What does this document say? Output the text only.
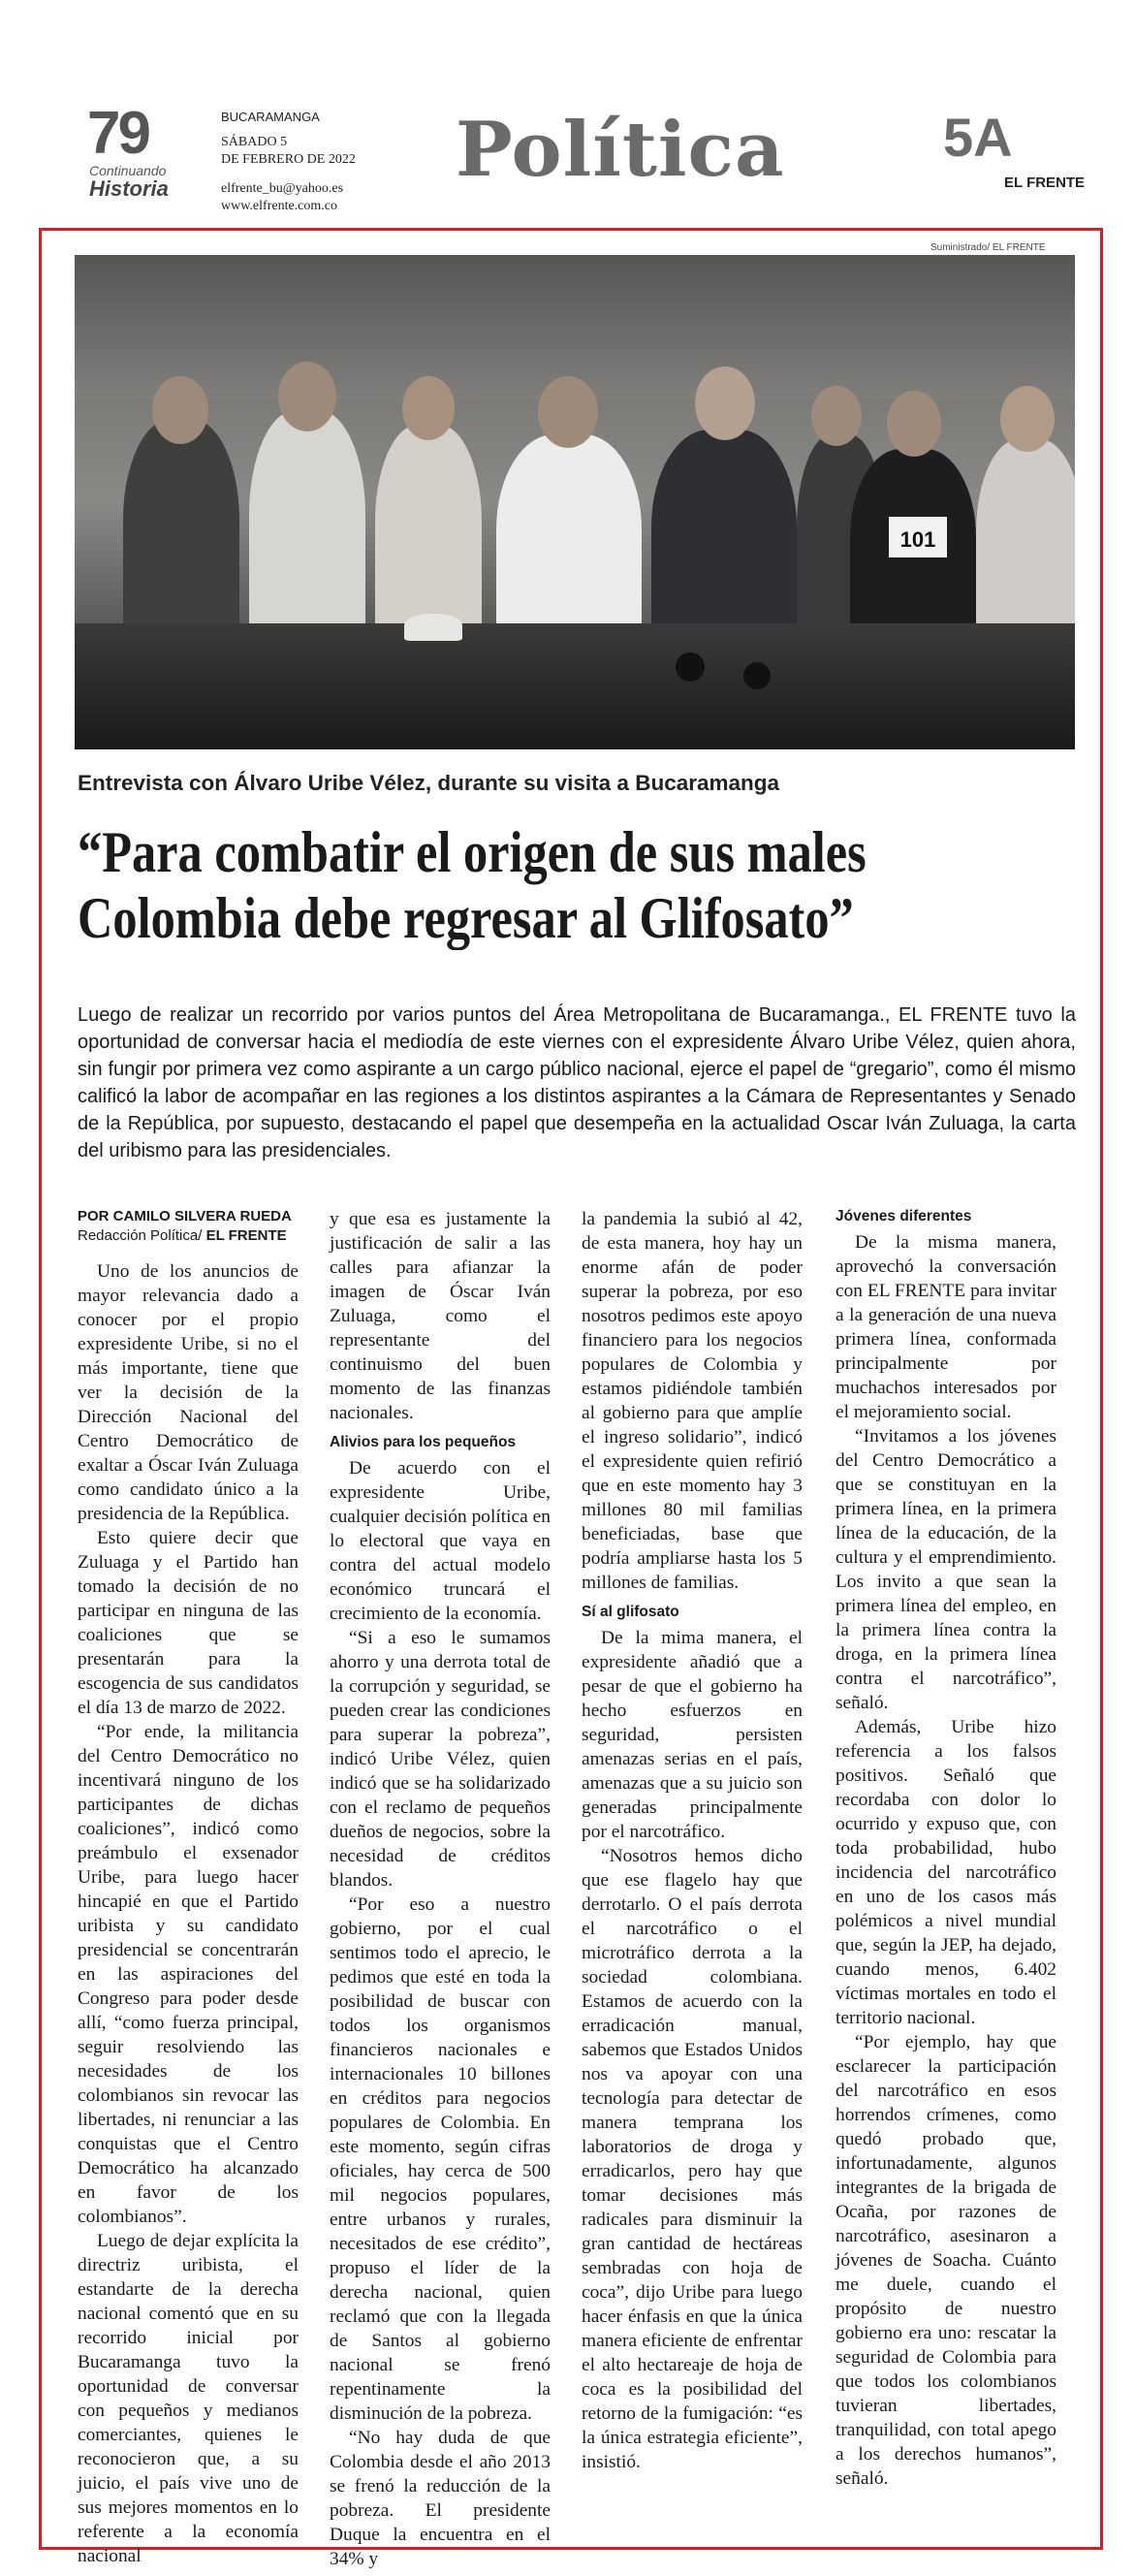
79
Continuando
Historia
BUCARAMANGA
SÁBADO 5
DE FEBRERO DE 2022
elfrente_bu@yahoo.es
www.elfrente.com.co
Política	5A
EL FRENTE
Suministrado/ EL FRENTE
101
Entrevista con Álvaro Uribe Vélez, durante su visita a Bucaramanga
“Para combatir el origen de sus males
Colombia debe regresar al Glifosato”
Luego de realizar un recorrido por varios puntos del Área Metropolitana de Bucaramanga., EL FRENTE tuvo la oportunidad de conversar hacia el mediodía de este viernes con el expresidente Álvaro Uribe Vélez, quien ahora, sin fungir por primera vez como aspirante a un cargo público nacional, ejerce el papel de “gregario”, como él mismo calificó la labor de acompañar en las regiones a los distintos aspirantes a la Cámara de Representantes y Senado de la República, por supuesto, destacando el papel que desempeña en la actualidad Oscar Iván Zuluaga, la carta del uribismo para las presidenciales.
POR CAMILO SILVERA RUEDA
Redacción Política/ EL FRENTE

Uno de los anuncios de mayor relevancia dado a conocer por el propio expresidente Uribe, si no el más importante, tiene que ver la decisión de la Dirección Nacional del Centro Democrático de exaltar a Óscar Iván Zuluaga como candidato único a la presidencia de la República.

Esto quiere decir que Zuluaga y el Partido han tomado la decisión de no participar en ninguna de las coaliciones que se presentarán para la escogencia de sus candidatos el día 13 de marzo de 2022.

“Por ende, la militancia del Centro Democrático no incentivará ninguno de los participantes de dichas coaliciones”, indicó como preámbulo el exsenador Uribe, para luego hacer hincapié en que el Partido uribista y su candidato presidencial se concentrarán en las aspiraciones del Congreso para poder desde allí, “como fuerza principal, seguir resolviendo las necesidades de los colombianos sin revocar las libertades, ni renunciar a las conquistas que el Centro Democrático ha alcanzado en favor de los colombianos”.

Luego de dejar explícita la directriz uribista, el estandarte de la derecha nacional comentó que en su recorrido inicial por Bucaramanga tuvo la oportunidad de conversar con pequeños y medianos comerciantes, quienes le reconocieron que, a su juicio, el país vive uno de sus mejores momentos en lo referente a la economía nacional

y que esa es justamente la justificación de salir a las calles para afianzar la imagen de Óscar Iván Zuluaga, como el representante del continuismo del buen momento de las finanzas nacionales.

Alivios para los pequeños

De acuerdo con el expresidente Uribe, cualquier decisión política en lo electoral que vaya en contra del actual modelo económico truncará el crecimiento de la economía.

“Si a eso le sumamos ahorro y una derrota total de la corrupción y seguridad, se pueden crear las condiciones para superar la pobreza”, indicó Uribe Vélez, quien indicó que se ha solidarizado con el reclamo de pequeños dueños de negocios, sobre la necesidad de créditos blandos.

“Por eso a nuestro gobierno, por el cual sentimos todo el aprecio, le pedimos que esté en toda la posibilidad de buscar con todos los organismos financieros nacionales e internacionales 10 billones en créditos para negocios populares de Colombia. En este momento, según cifras oficiales, hay cerca de 500 mil negocios populares, entre urbanos y rurales, necesitados de ese crédito”, propuso el líder de la derecha nacional, quien reclamó que con la llegada de Santos al gobierno nacional se frenó repentinamente la disminución de la pobreza.

“No hay duda de que Colombia desde el año 2013 se frenó la reducción de la pobreza. El presidente Duque la encuentra en el 34% y

la pandemia la subió al 42, de esta manera, hoy hay un enorme afán de poder superar la pobreza, por eso nosotros pedimos este apoyo financiero para los negocios populares de Colombia y estamos pidiéndole también al gobierno para que amplíe el ingreso solidario”, indicó el expresidente quien refirió que en este momento hay 3 millones 80 mil familias beneficiadas, base que podría ampliarse hasta los 5 millones de familias.

Sí al glifosato

De la mima manera, el expresidente añadió que a pesar de que el gobierno ha hecho esfuerzos en seguridad, persisten amenazas serias en el país, amenazas que a su juicio son generadas principalmente por el narcotráfico.

“Nosotros hemos dicho que ese flagelo hay que derrotarlo. O el país derrota el narcotráfico o el microtráfico derrota a la sociedad colombiana. Estamos de acuerdo con la erradicación manual, sabemos que Estados Unidos nos va apoyar con una tecnología para detectar de manera temprana los laboratorios de droga y erradicarlos, pero hay que tomar decisiones más radicales para disminuir la gran cantidad de hectáreas sembradas con hoja de coca”, dijo Uribe para luego hacer énfasis en que la única manera eficiente de enfrentar el alto hectareaje de hoja de coca es la posibilidad del retorno de la fumigación: “es la única estrategia eficiente”, insistió.

Jóvenes diferentes

De la misma manera, aprovechó la conversación con EL FRENTE para invitar a la generación de una nueva primera línea, conformada principalmente por muchachos interesados por el mejoramiento social.

“Invitamos a los jóvenes del Centro Democrático a que se constituyan en la primera línea, en la primera línea de la educación, de la cultura y el emprendimiento. Los invito a que sean la primera línea del empleo, en la primera línea contra la droga, en la primera línea contra el narcotráfico”, señaló.

Además, Uribe hizo referencia a los falsos positivos. Señaló que recordaba con dolor lo ocurrido y expuso que, con toda probabilidad, hubo incidencia del narcotráfico en uno de los casos más polémicos a nivel mundial que, según la JEP, ha dejado, cuando menos, 6.402 víctimas mortales en todo el territorio nacional.

“Por ejemplo, hay que esclarecer la participación del narcotráfico en esos horrendos crímenes, como quedó probado que, infortunadamente, algunos integrantes de la brigada de Ocaña, por razones de narcotráfico, asesinaron a jóvenes de Soacha. Cuánto me duele, cuando el propósito de nuestro gobierno era uno: rescatar la seguridad de Colombia para que todos los colombianos tuvieran libertades, tranquilidad, con total apego a los derechos humanos”, señaló.
